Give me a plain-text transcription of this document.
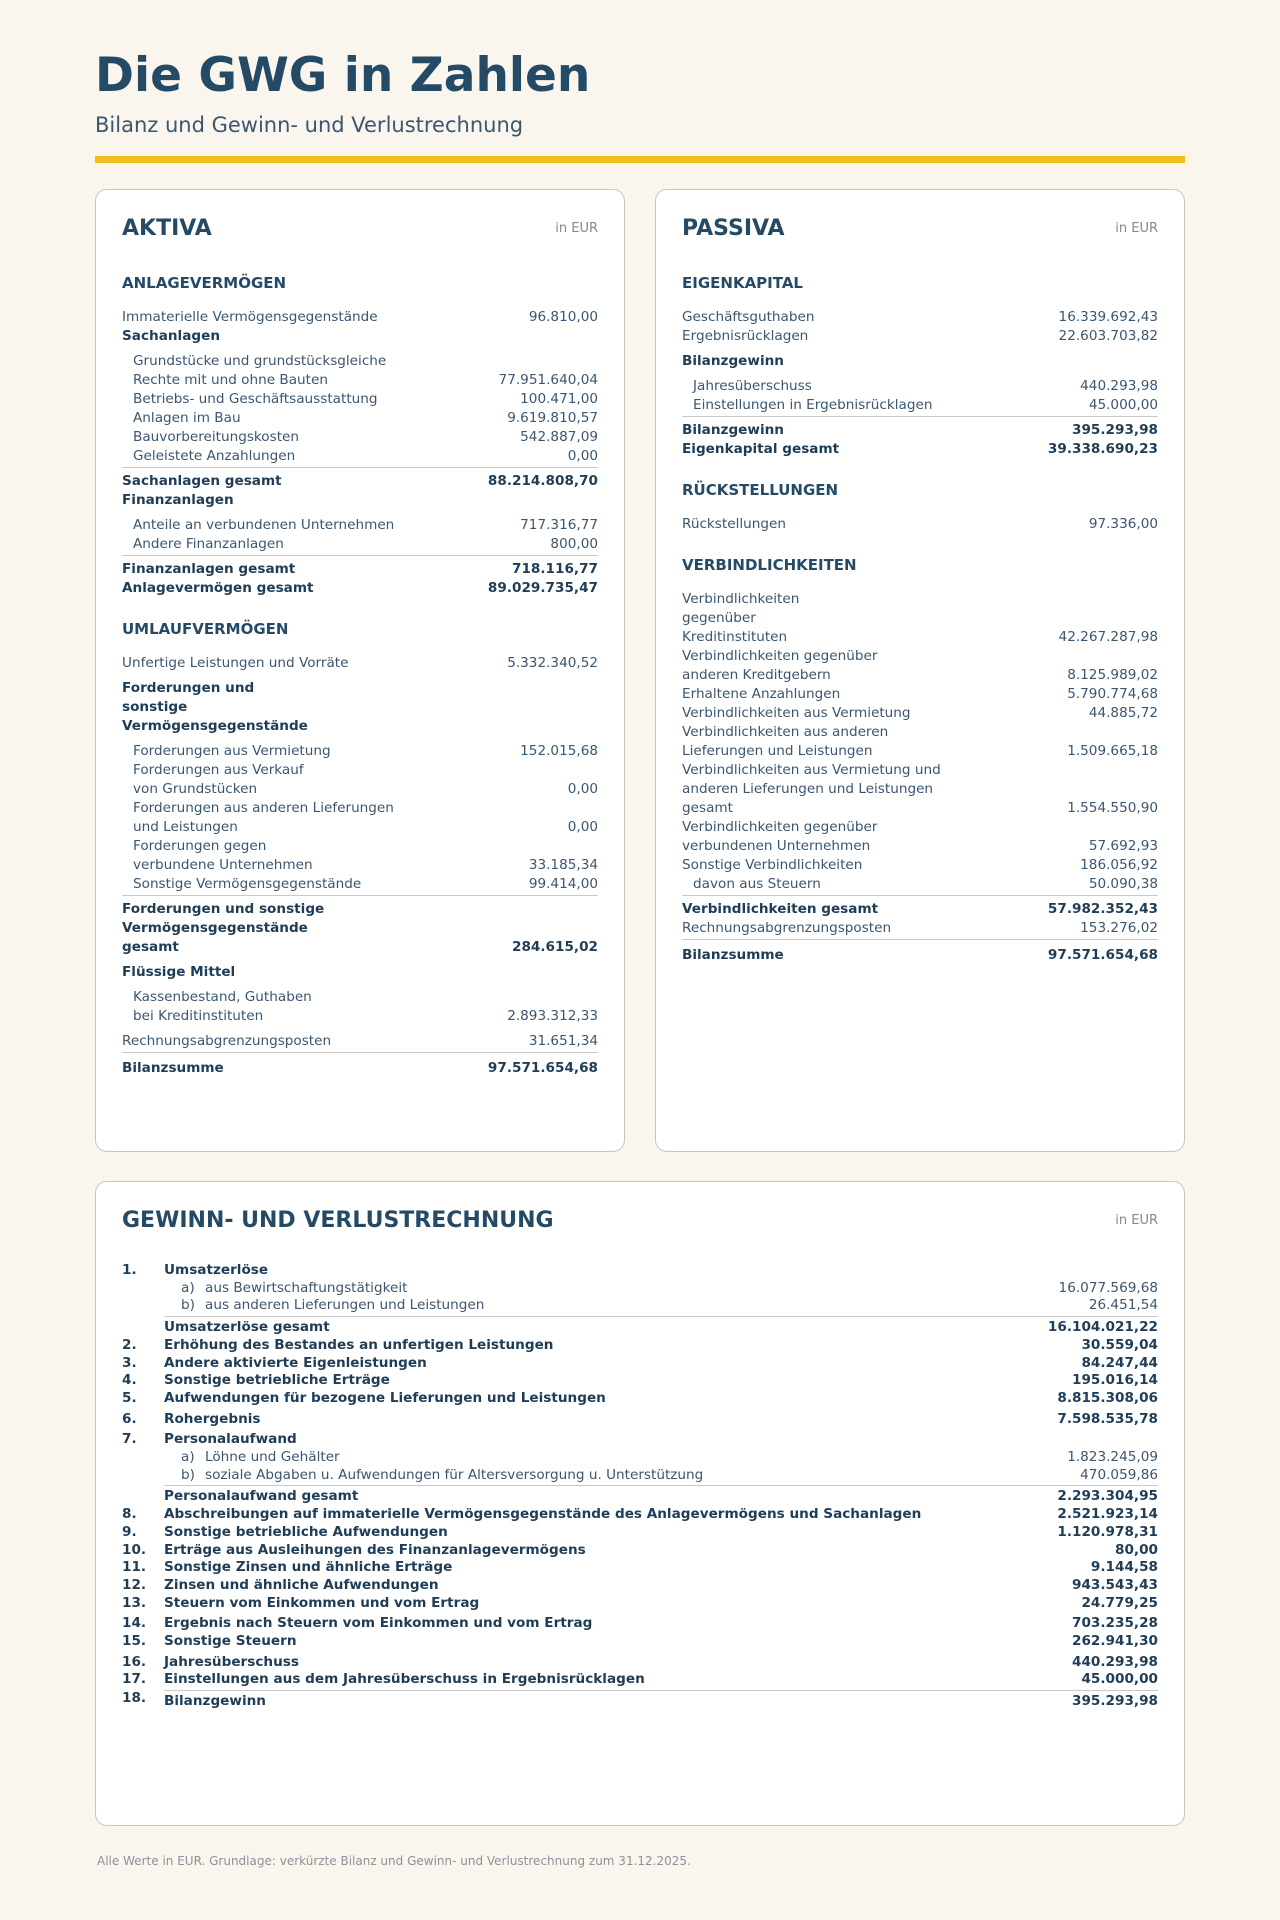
Die GWG in Zahlen
Bilanz und Gewinn- und Verlustrechnung
AKTIVA	in EUR
ANLAGEVERMÖGEN
Immaterielle Vermögensgegenstände	96.810,00
Sachanlagen
Grundstücke und grundstücksgleiche Rechte mit und ohne Bauten	77.951.640,04
Betriebs- und Geschäftsausstattung	100.471,00
Anlagen im Bau	9.619.810,57
Bauvorbereitungskosten	542.887,09
Geleistete Anzahlungen	0,00
Sachanlagen gesamt	88.214.808,70
Finanzanlagen
Anteile an verbundenen Unternehmen	717.316,77
Andere Finanzanlagen	800,00
Finanzanlagen gesamt	718.116,77
Anlagevermögen gesamt	89.029.735,47
UMLAUFVERMÖGEN
Unfertige Leistungen und Vorräte	5.332.340,52
Forderungen und sonstige Vermögensgegenstände
Forderungen aus Vermietung	152.015,68
Forderungen aus Verkauf von Grundstücken	0,00
Forderungen aus anderen Lieferungen und Leistungen	0,00
Forderungen gegen verbundene Unternehmen	33.185,34
Sonstige Vermögensgegenstände	99.414,00
Forderungen und sonstige Vermögensgegenstände gesamt	284.615,02
Flüssige Mittel
Kassenbestand, Guthaben bei Kreditinstituten	2.893.312,33
Rechnungsabgrenzungsposten	31.651,34
Bilanzsumme	97.571.654,68
PASSIVA	in EUR
EIGENKAPITAL
Geschäftsguthaben	16.339.692,43
Ergebnisrücklagen	22.603.703,82
Bilanzgewinn
Jahresüberschuss	440.293,98
Einstellungen in Ergebnisrücklagen	45.000,00
Bilanzgewinn	395.293,98
Eigenkapital gesamt	39.338.690,23
RÜCKSTELLUNGEN
Rückstellungen	97.336,00
VERBINDLICHKEITEN
Verbindlichkeiten gegenüber Kreditinstituten	42.267.287,98
Verbindlichkeiten gegenüber anderen Kreditgebern	8.125.989,02
Erhaltene Anzahlungen	5.790.774,68
Verbindlichkeiten aus Vermietung	44.885,72
Verbindlichkeiten aus anderen Lieferungen und Leistungen	1.509.665,18
Verbindlichkeiten aus Vermietung und anderen Lieferungen und Leistungen gesamt	1.554.550,90
Verbindlichkeiten gegenüber verbundenen Unternehmen	57.692,93
Sonstige Verbindlichkeiten	186.056,92
davon aus Steuern	50.090,38
Verbindlichkeiten gesamt	57.982.352,43
Rechnungsabgrenzungsposten	153.276,02
Bilanzsumme	97.571.654,68
GEWINN- UND VERLUSTRECHNUNG	in EUR
1.	Umsatzerlöse
a) aus Bewirtschaftungstätigkeit	16.077.569,68
b) aus anderen Lieferungen und Leistungen	26.451,54
Umsatzerlöse gesamt	16.104.021,22
2.	Erhöhung des Bestandes an unfertigen Leistungen	30.559,04
3.	Andere aktivierte Eigenleistungen	84.247,44
4.	Sonstige betriebliche Erträge	195.016,14
5.	Aufwendungen für bezogene Lieferungen und Leistungen	8.815.308,06
6.	Rohergebnis	7.598.535,78
7.	Personalaufwand
a) Löhne und Gehälter	1.823.245,09
b) soziale Abgaben u. Aufwendungen für Altersversorgung u. Unterstützung	470.059,86
Personalaufwand gesamt	2.293.304,95
8.	Abschreibungen auf immaterielle Vermögensgegenstände des Anlagevermögens und Sachanlagen	2.521.923,14
9.	Sonstige betriebliche Aufwendungen	1.120.978,31
10.	Erträge aus Ausleihungen des Finanzanlagevermögens	80,00
11.	Sonstige Zinsen und ähnliche Erträge	9.144,58
12.	Zinsen und ähnliche Aufwendungen	943.543,43
13.	Steuern vom Einkommen und vom Ertrag	24.779,25
14.	Ergebnis nach Steuern vom Einkommen und vom Ertrag	703.235,28
15.	Sonstige Steuern	262.941,30
16.	Jahresüberschuss	440.293,98
17.	Einstellungen aus dem Jahresüberschuss in Ergebnisrücklagen	45.000,00
18.	Bilanzgewinn	395.293,98
Alle Werte in EUR. Grundlage: verkürzte Bilanz und Gewinn- und Verlustrechnung zum 31.12.2025.
